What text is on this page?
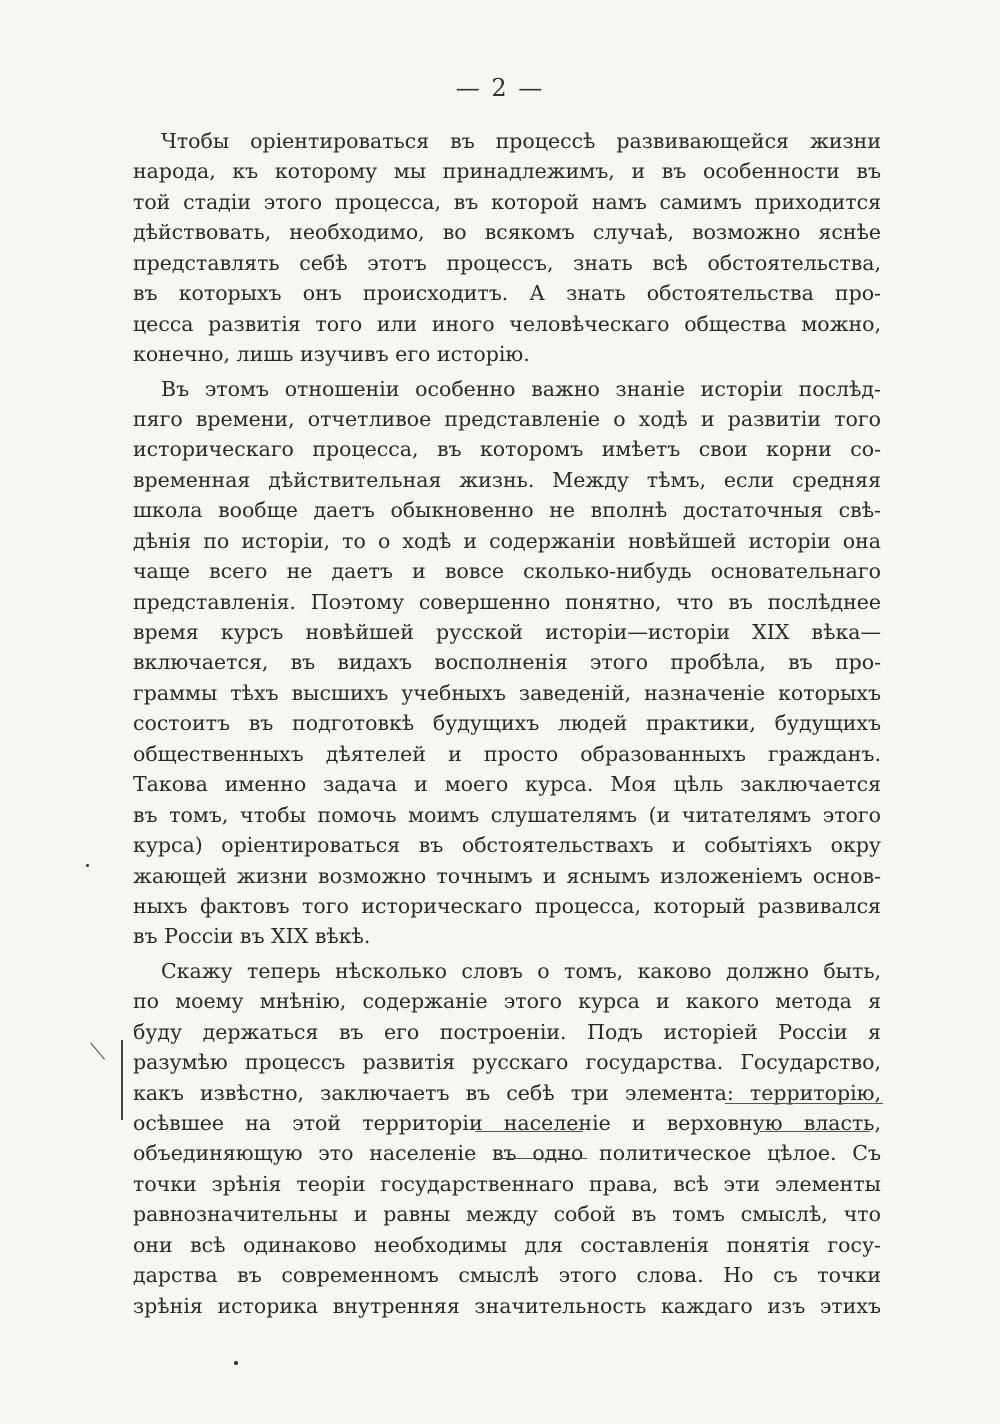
— 2 —
Чтобы оріентироваться въ процессѣ развивающейся жизни
народа, къ которому мы принадлежимъ, и въ особенности въ
той стадіи этого процесса, въ которой намъ самимъ приходится
дѣйствовать, необходимо, во всякомъ случаѣ, возможно яснѣе
представлять себѣ этотъ процессъ, знать всѣ обстоятельства,
въ которыхъ онъ происходитъ. А знать обстоятельства про-
цесса развитія того или иного человѣческаго общества можно,
конечно, лишь изучивъ его исторію.
Въ этомъ отношеніи особенно важно знаніе исторіи послѣд-
пяго времени, отчетливое представленіе о ходѣ и развитіи того
историческаго процесса, въ которомъ имѣетъ свои корни со-
временная дѣйствительная жизнь. Между тѣмъ, если средняя
школа вообще даетъ обыкновенно не вполнѣ достаточныя свѣ-
дѣнія по исторіи, то о ходѣ и содержаніи новѣйшей исторіи она
чаще всего не даетъ и вовсе сколько-нибудь основательнаго
представленія. Поэтому совершенно понятно, что въ послѣднее
время курсъ новѣйшей русской исторіи—исторіи XIX вѣка—
включается, въ видахъ восполненія этого пробѣла, въ про-
граммы тѣхъ высшихъ учебныхъ заведеній, назначеніе которыхъ
состоитъ въ подготовкѣ будущихъ людей практики, будущихъ
общественныхъ дѣятелей и просто образованныхъ гражданъ.
Такова именно задача и моего курса. Моя цѣль заключается
въ томъ, чтобы помочь моимъ слушателямъ (и читателямъ этого
курса) оріентироваться въ обстоятельствахъ и событіяхъ окру
жающей жизни возможно точнымъ и яснымъ изложеніемъ основ-
ныхъ фактовъ того историческаго процесса, который развивался
въ Россіи въ XIX вѣкѣ.
Скажу теперь нѣсколько словъ о томъ, каково должно быть,
по моему мнѣнію, содержаніе этого курса и какого метода я
буду держаться въ его построеніи. Подъ исторіей Россіи я
разумѣю процессъ развитія русскаго государства. Государство,
какъ извѣстно, заключаетъ въ себѣ три элемента: территорію,
осѣвшее на этой территоріи населеніе и верховную власть,
объединяющую это населеніе въ одно политическое цѣлое. Съ
точки зрѣнія теоріи государственнаго права, всѣ эти элементы
равнозначительны и равны между собой въ томъ смыслѣ, что
они всѣ одинаково необходимы для составленія понятія госу-
дарства въ современномъ смыслѣ этого слова. Но съ точки
зрѣнія историка внутренняя значительность каждаго изъ этихъ
